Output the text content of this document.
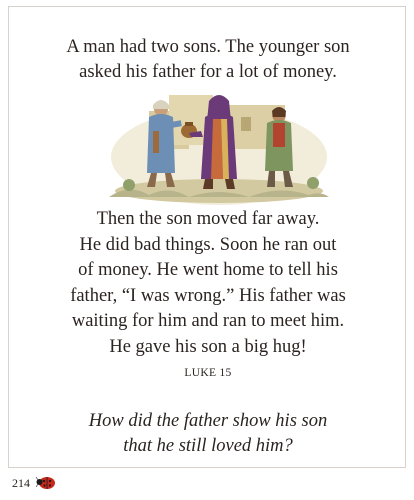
A man had two sons. The younger son
asked his father for a lot of money.
Then the son moved far away.
He did bad things. Soon he ran out
of money. He went home to tell his
father, “I was wrong.” His father was
waiting for him and ran to meet him.
He gave his son a big hug!
LUKE 15
How did the father show his son
that he still loved him?
214
